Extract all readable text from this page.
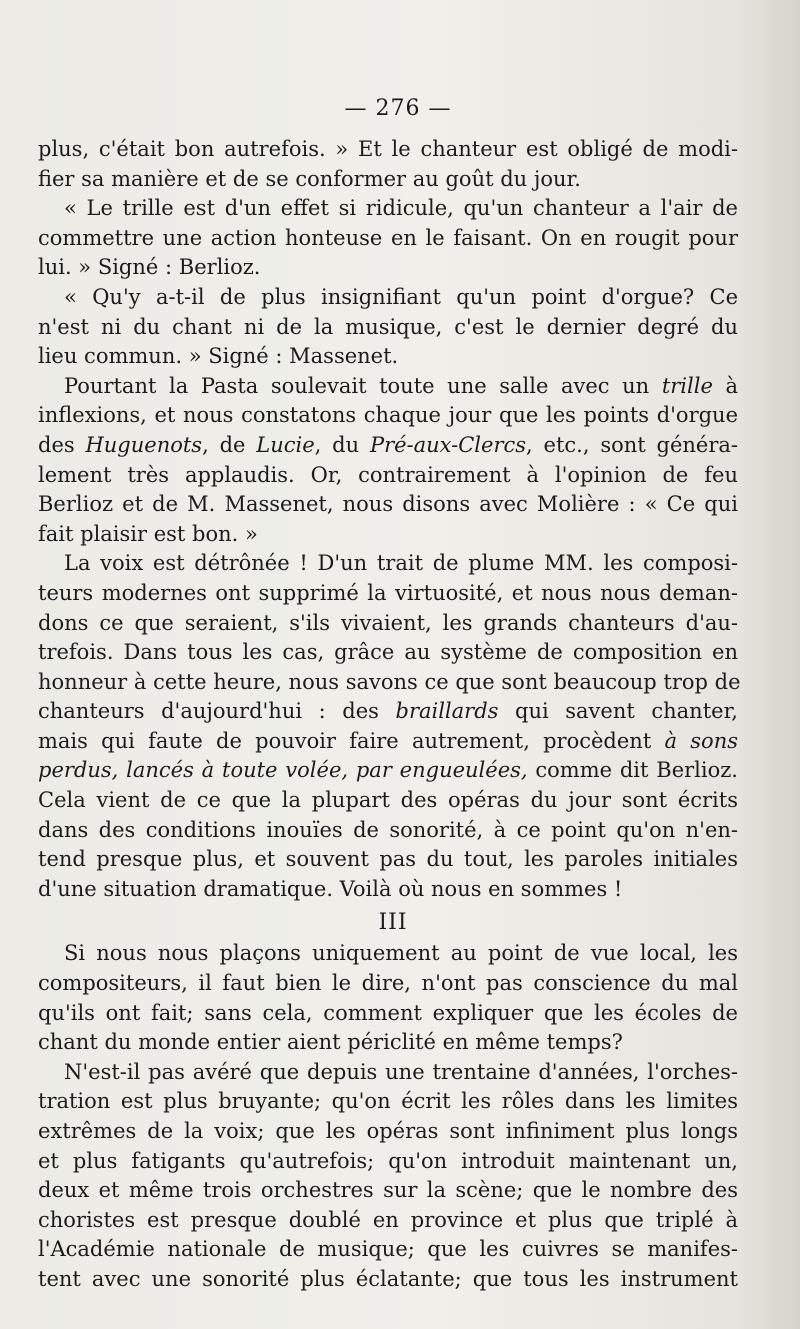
— 276 —

plus, c'était bon autrefois. » Et le chanteur est obligé de modi-
fier sa manière et de se conformer au goût du jour.

« Le trille est d'un effet si ridicule, qu'un chanteur a l'air de
commettre une action honteuse en le faisant. On en rougit pour
lui. » Signé : Berlioz.

« Qu'y a-t-il de plus insignifiant qu'un point d'orgue? Ce
n'est ni du chant ni de la musique, c'est le dernier degré du
lieu commun. » Signé : Massenet.

Pourtant la Pasta soulevait toute une salle avec un trille à
inflexions, et nous constatons chaque jour que les points d'orgue
des Huguenots, de Lucie, du Pré-aux-Clercs, etc., sont généra-
lement très applaudis. Or, contrairement à l'opinion de feu
Berlioz et de M. Massenet, nous disons avec Molière : « Ce qui
fait plaisir est bon. »

La voix est détrônée ! D'un trait de plume MM. les composi-
teurs modernes ont supprimé la virtuosité, et nous nous deman-
dons ce que seraient, s'ils vivaient, les grands chanteurs d'au-
trefois. Dans tous les cas, grâce au système de composition en
honneur à cette heure, nous savons ce que sont beaucoup trop de
chanteurs d'aujourd'hui : des braillards qui savent chanter,
mais qui faute de pouvoir faire autrement, procèdent à sons
perdus, lancés à toute volée, par engueulées, comme dit Berlioz.
Cela vient de ce que la plupart des opéras du jour sont écrits
dans des conditions inouïes de sonorité, à ce point qu'on n'en-
tend presque plus, et souvent pas du tout, les paroles initiales
d'une situation dramatique. Voilà où nous en sommes !

III

Si nous nous plaçons uniquement au point de vue local, les
compositeurs, il faut bien le dire, n'ont pas conscience du mal
qu'ils ont fait; sans cela, comment expliquer que les écoles de
chant du monde entier aient périclité en même temps?

N'est-il pas avéré que depuis une trentaine d'années, l'orches-
tration est plus bruyante; qu'on écrit les rôles dans les limites
extrêmes de la voix; que les opéras sont infiniment plus longs
et plus fatigants qu'autrefois; qu'on introduit maintenant un,
deux et même trois orchestres sur la scène; que le nombre des
choristes est presque doublé en province et plus que triplé à
l'Académie nationale de musique; que les cuivres se manifes-
tent avec une sonorité plus éclatante; que tous les instrument
